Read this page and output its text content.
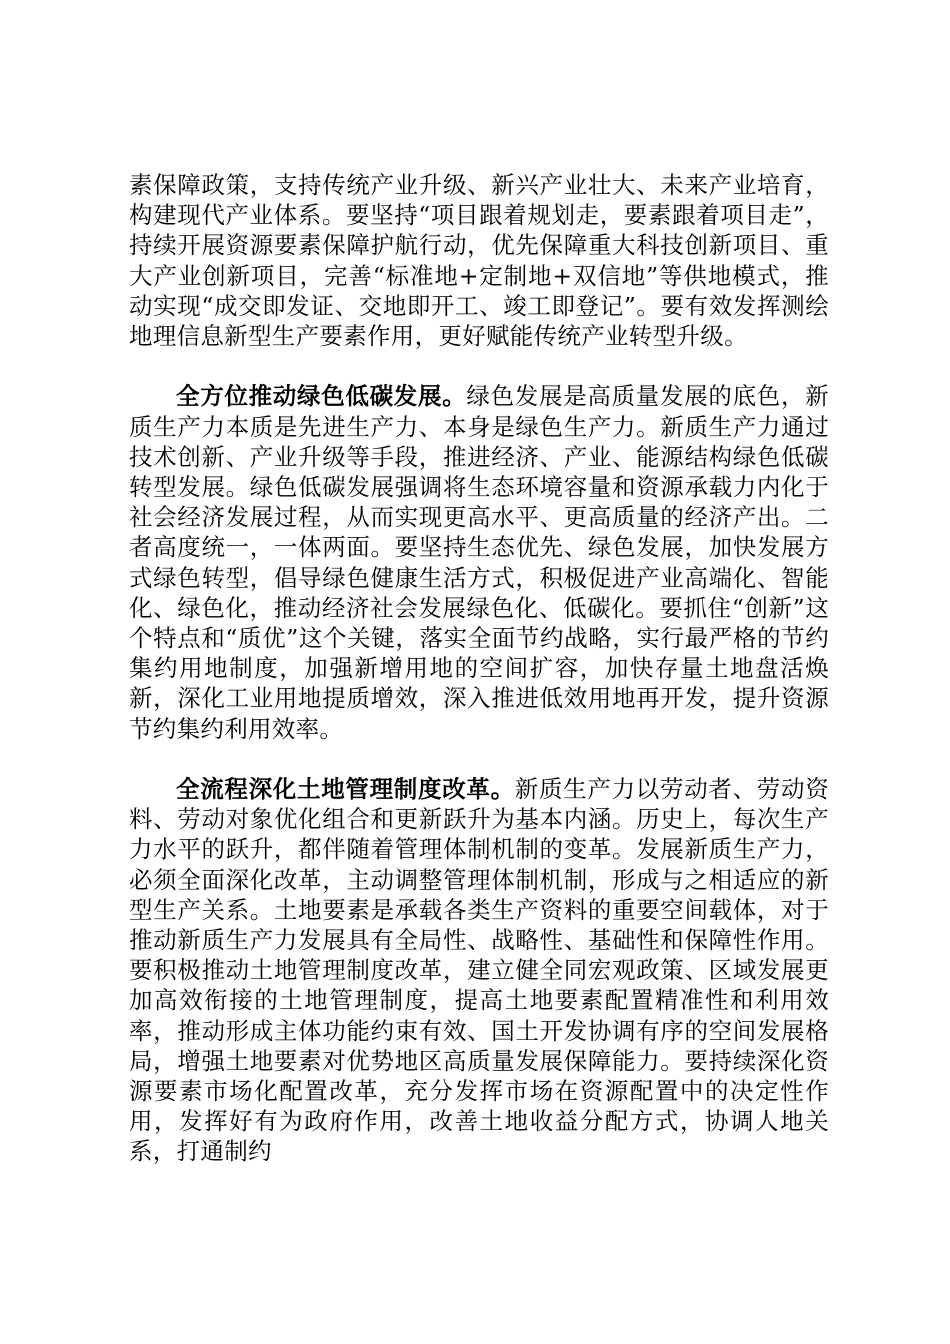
素保障政策，支持传统产业升级、新兴产业壮大、未来产业培育，构建现代产业体系。要坚持“项目跟着规划走，要素跟着项目走”，持续开展资源要素保障护航行动，优先保障重大科技创新项目、重大产业创新项目，完善“标准地+定制地+双信地”等供地模式，推动实现“成交即发证、交地即开工、竣工即登记”。要有效发挥测绘地理信息新型生产要素作用，更好赋能传统产业转型升级。

全方位推动绿色低碳发展。绿色发展是高质量发展的底色，新质生产力本质是先进生产力、本身是绿色生产力。新质生产力通过技术创新、产业升级等手段，推进经济、产业、能源结构绿色低碳转型发展。绿色低碳发展强调将生态环境容量和资源承载力内化于社会经济发展过程，从而实现更高水平、更高质量的经济产出。二者高度统一，一体两面。要坚持生态优先、绿色发展，加快发展方式绿色转型，倡导绿色健康生活方式，积极促进产业高端化、智能化、绿色化，推动经济社会发展绿色化、低碳化。要抓住“创新”这个特点和“质优”这个关键，落实全面节约战略，实行最严格的节约集约用地制度，加强新增用地的空间扩容，加快存量土地盘活焕新，深化工业用地提质增效，深入推进低效用地再开发，提升资源节约集约利用效率。

全流程深化土地管理制度改革。新质生产力以劳动者、劳动资料、劳动对象优化组合和更新跃升为基本内涵。历史上，每次生产力水平的跃升，都伴随着管理体制机制的变革。发展新质生产力，必须全面深化改革，主动调整管理体制机制，形成与之相适应的新型生产关系。土地要素是承载各类生产资料的重要空间载体，对于推动新质生产力发展具有全局性、战略性、基础性和保障性作用。要积极推动土地管理制度改革，建立健全同宏观政策、区域发展更加高效衔接的土地管理制度，提高土地要素配置精准性和利用效率，推动形成主体功能约束有效、国土开发协调有序的空间发展格局，增强土地要素对优势地区高质量发展保障能力。要持续深化资源要素市场化配置改革，充分发挥市场在资源配置中的决定性作用，发挥好有为政府作用，改善土地收益分配方式，协调人地关系，打通制约
